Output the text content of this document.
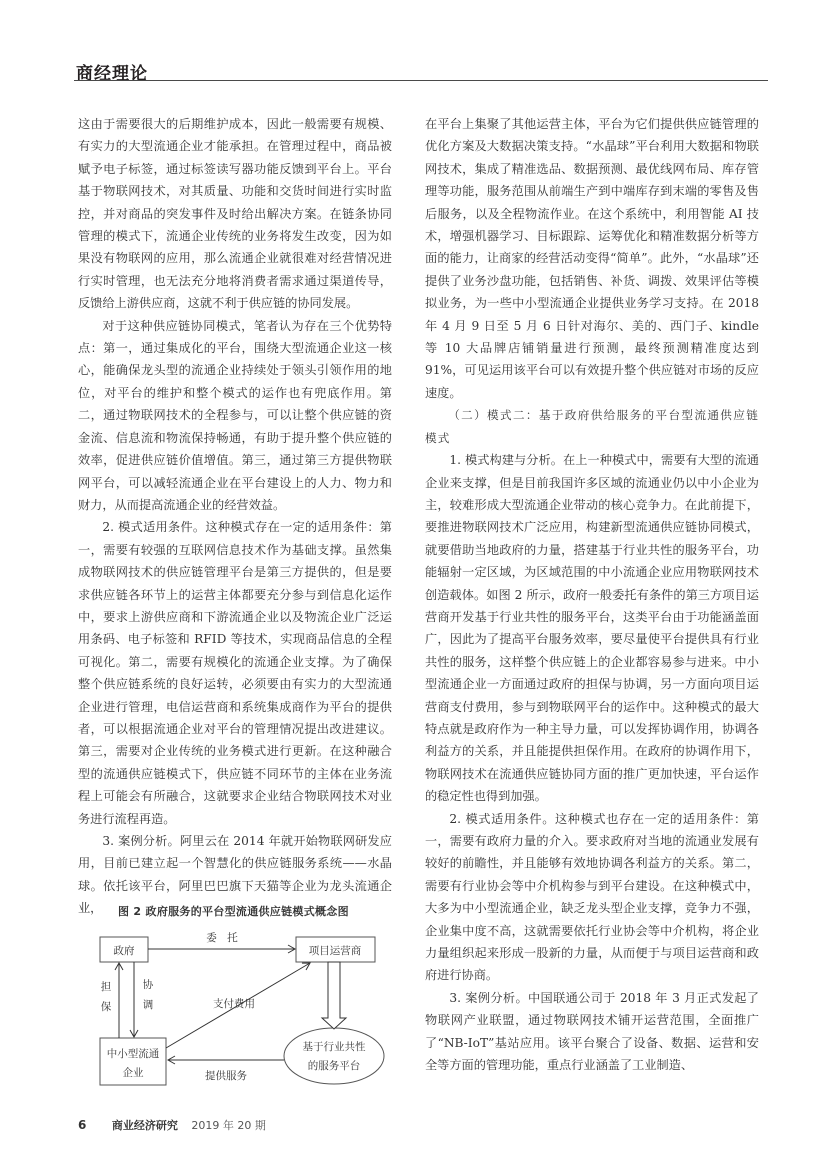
商经理论

这由于需要很大的后期维护成本，因此一般需要有规模、有实力的大型流通企业才能承担。在管理过程中，商品被赋予电子标签，通过标签读写器功能反馈到平台上。平台基于物联网技术，对其质量、功能和交货时间进行实时监控，并对商品的突发事件及时给出解决方案。在链条协同管理的模式下，流通企业传统的业务将发生改变，因为如果没有物联网的应用，那么流通企业就很难对经营情况进行实时管理，也无法充分地将消费者需求通过渠道传导，反馈给上游供应商，这就不利于供应链的协同发展。

对于这种供应链协同模式，笔者认为存在三个优势特点：第一，通过集成化的平台，围绕大型流通企业这一核心，能确保龙头型的流通企业持续处于领头引领作用的地位，对平台的维护和整个模式的运作也有兜底作用。第二，通过物联网技术的全程参与，可以让整个供应链的资金流、信息流和物流保持畅通，有助于提升整个供应链的效率，促进供应链价值增值。第三，通过第三方提供物联网平台，可以减轻流通企业在平台建设上的人力、物力和财力，从而提高流通企业的经营效益。

2. 模式适用条件。这种模式存在一定的适用条件：第一，需要有较强的互联网信息技术作为基础支撑。虽然集成物联网技术的供应链管理平台是第三方提供的，但是要求供应链各环节上的运营主体都要充分参与到信息化运作中，要求上游供应商和下游流通企业以及物流企业广泛运用条码、电子标签和 RFID 等技术，实现商品信息的全程可视化。第二，需要有规模化的流通企业支撑。为了确保整个供应链系统的良好运转，必须要由有实力的大型流通企业进行管理，电信运营商和系统集成商作为平台的提供者，可以根据流通企业对平台的管理情况提出改进建议。第三，需要对企业传统的业务模式进行更新。在这种融合型的流通供应链模式下，供应链不同环节的主体在业务流程上可能会有所融合，这就要求企业结合物联网技术对业务进行流程再造。

3. 案例分析。阿里云在 2014 年就开始物联网研发应用，目前已建立起一个智慧化的供应链服务系统——水晶球。依托该平台，阿里巴巴旗下天猫等企业为龙头流通企业，

政府	项目运营商
中小型流通
企业
基于行业共性
的服务平台
委　托
担
保
协
调	支付费用
提供服务
图 2 政府服务的平台型流通供应链模式概念图

在平台上集聚了其他运营主体，平台为它们提供供应链管理的优化方案及大数据决策支持。“水晶球”平台利用大数据和物联网技术，集成了精准选品、数据预测、最优线网布局、库存管理等功能，服务范围从前端生产到中端库存到末端的零售及售后服务，以及全程物流作业。在这个系统中，利用智能 AI 技术，增强机器学习、目标跟踪、运筹优化和精准数据分析等方面的能力，让商家的经营活动变得“简单”。此外，“水晶球”还提供了业务沙盘功能，包括销售、补货、调拨、效果评估等模拟业务，为一些中小型流通企业提供业务学习支持。在 2018 年 4 月 9 日至 5 月 6 日针对海尔、美的、西门子、kindle 等 10 大品牌店铺销量进行预测，最终预测精准度达到 91%，可见运用该平台可以有效提升整个供应链对市场的反应速度。

（二）模式二：基于政府供给服务的平台型流通供应链模式

1. 模式构建与分析。在上一种模式中，需要有大型的流通企业来支撑，但是目前我国许多区域的流通业仍以中小企业为主，较难形成大型流通企业带动的核心竞争力。在此前提下，要推进物联网技术广泛应用，构建新型流通供应链协同模式，就要借助当地政府的力量，搭建基于行业共性的服务平台，功能辐射一定区域，为区域范围的中小流通企业应用物联网技术创造载体。如图 2 所示，政府一般委托有条件的第三方项目运营商开发基于行业共性的服务平台，这类平台由于功能涵盖面广，因此为了提高平台服务效率，要尽量使平台提供具有行业共性的服务，这样整个供应链上的企业都容易参与进来。中小型流通企业一方面通过政府的担保与协调，另一方面向项目运营商支付费用，参与到物联网平台的运作中。这种模式的最大特点就是政府作为一种主导力量，可以发挥协调作用，协调各利益方的关系，并且能提供担保作用。在政府的协调作用下，物联网技术在流通供应链协同方面的推广更加快速，平台运作的稳定性也得到加强。

2. 模式适用条件。这种模式也存在一定的适用条件：第一，需要有政府力量的介入。要求政府对当地的流通业发展有较好的前瞻性，并且能够有效地协调各利益方的关系。第二，需要有行业协会等中介机构参与到平台建设。在这种模式中，大多为中小型流通企业，缺乏龙头型企业支撑，竞争力不强，企业集中度不高，这就需要依托行业协会等中介机构，将企业力量组织起来形成一股新的力量，从而便于与项目运营商和政府进行协商。

3. 案例分析。中国联通公司于 2018 年 3 月正式发起了物联网产业联盟，通过物联网技术铺开运营范围，全面推广了“NB-IoT”基站应用。该平台聚合了设备、数据、运营和安全等方面的管理功能，重点行业涵盖了工业制造、

6 商业经济研究 2019 年 20 期
